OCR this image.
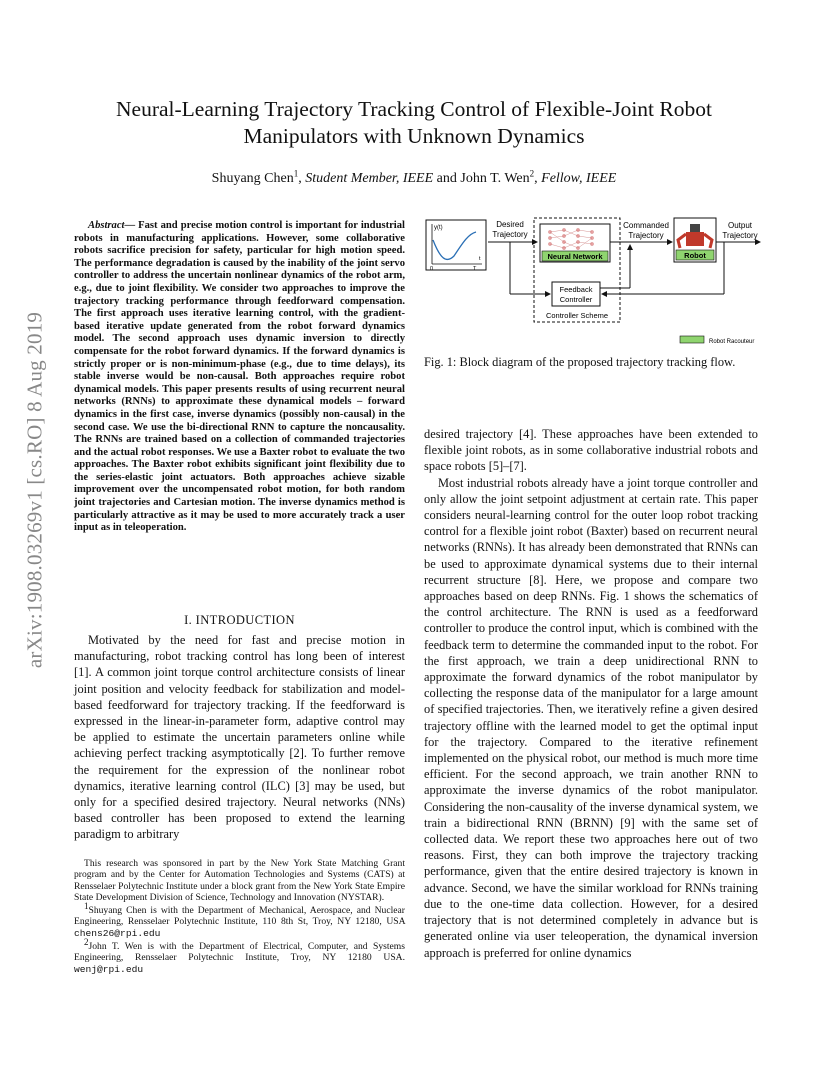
arXiv:1908.03269v1 [cs.RO] 8 Aug 2019
Neural-Learning Trajectory Tracking Control of Flexible-Joint Robot
Manipulators with Unknown Dynamics
Shuyang Chen$^1$, Student Member, IEEE and John T. Wen$^2$, Fellow, IEEE
Abstract— Fast and precise motion control is important for industrial robots in manufacturing applications. However, some collaborative robots sacrifice precision for safety, particular for high motion speed. The performance degradation is caused by the inability of the joint servo controller to address the uncertain nonlinear dynamics of the robot arm, e.g., due to joint flexibility. We consider two approaches to improve the trajectory tracking performance through feedforward compensation. The first approach uses iterative learning control, with the gradient-based iterative update generated from the robot forward dynamics model. The second approach uses dynamic inversion to directly compensate for the robot forward dynamics. If the forward dynamics is strictly proper or is non-minimum-phase (e.g., due to time delays), its stable inverse would be non-causal. Both approaches require robot dynamical models. This paper presents results of using recurrent neural networks (RNNs) to approximate these dynamical models – forward dynamics in the first case, inverse dynamics (possibly non-causal) in the second case. We use the bi-directional RNN to capture the noncausality. The RNNs are trained based on a collection of commanded trajectories and the actual robot responses. We use a Baxter robot to evaluate the two approaches. The Baxter robot exhibits significant joint flexibility due to the series-elastic joint actuators. Both approaches achieve sizable improvement over the uncompensated robot motion, for both random joint trajectories and Cartesian motion. The inverse dynamics method is particularly attractive as it may be used to more accurately track a user input as in teleoperation.
I. INTRODUCTION

Motivated by the need for fast and precise motion in manufacturing, robot tracking control has long been of interest [1]. A common joint torque control architecture consists of linear joint position and velocity feedback for stabilization and model-based feedforward for trajectory tracking. If the feedforward is expressed in the linear-in-parameter form, adaptive control may be applied to estimate the uncertain parameters online while achieving perfect tracking asymptotically [2]. To further remove the requirement for the expression of the nonlinear robot dynamics, iterative learning control (ILC) [3] may be used, but only for a specified desired trajectory. Neural networks (NNs) based controller has been proposed to extend the learning paradigm to arbitrary

This research was sponsored in part by the New York State Matching Grant program and by the Center for Automation Technologies and Systems (CATS) at Rensselaer Polytechnic Institute under a block grant from the New York State Empire State Development Division of Science, Technology and Innovation (NYSTAR).

$^1$Shuyang Chen is with the Department of Mechanical, Aerospace, and Nuclear Engineering, Rensselaer Polytechnic Institute, 110 8th St, Troy, NY 12180, USA chens26@rpi.edu

$^2$John T. Wen is with the Department of Electrical, Computer, and Systems Engineering, Rensselaer Polytechnic Institute, Troy, NY 12180 USA. wenj@rpi.edu

y(t)
0	T
t
Desired
Trajectory
Neural Network
Commanded
Trajectory
Robot
Output
Trajectory
Feedback
Controller
Controller Scheme
Robot Racouteur
Fig. 1: Block diagram of the proposed trajectory tracking flow.

desired trajectory [4]. These approaches have been extended to flexible joint robots, as in some collaborative industrial robots and space robots [5]–[7].

Most industrial robots already have a joint torque controller and only allow the joint setpoint adjustment at certain rate. This paper considers neural-learning control for the outer loop robot tracking control for a flexible joint robot (Baxter) based on recurrent neural networks (RNNs). It has already been demonstrated that RNNs can be used to approximate dynamical systems due to their internal recurrent structure [8]. Here, we propose and compare two approaches based on deep RNNs. Fig. 1 shows the schematics of the control architecture. The RNN is used as a feedforward controller to produce the control input, which is combined with the feedback term to determine the commanded input to the robot. For the first approach, we train a deep unidirectional RNN to approximate the forward dynamics of the robot manipulator by collecting the response data of the manipulator for a large amount of specified trajectories. Then, we iteratively refine a given desired trajectory offline with the learned model to get the optimal input for the trajectory. Compared to the iterative refinement implemented on the physical robot, our method is much more time efficient. For the second approach, we train another RNN to approximate the inverse dynamics of the robot manipulator. Considering the non-causality of the inverse dynamical system, we train a bidirectional RNN (BRNN) [9] with the same set of collected data. We report these two approaches here out of two reasons. First, they can both improve the trajectory tracking performance, given that the entire desired trajectory is known in advance. Second, we have the similar workload for RNNs training due to the one-time data collection. However, for a desired trajectory that is not determined completely in advance but is generated online via user teleoperation, the dynamical inversion approach is preferred for online dynamics
